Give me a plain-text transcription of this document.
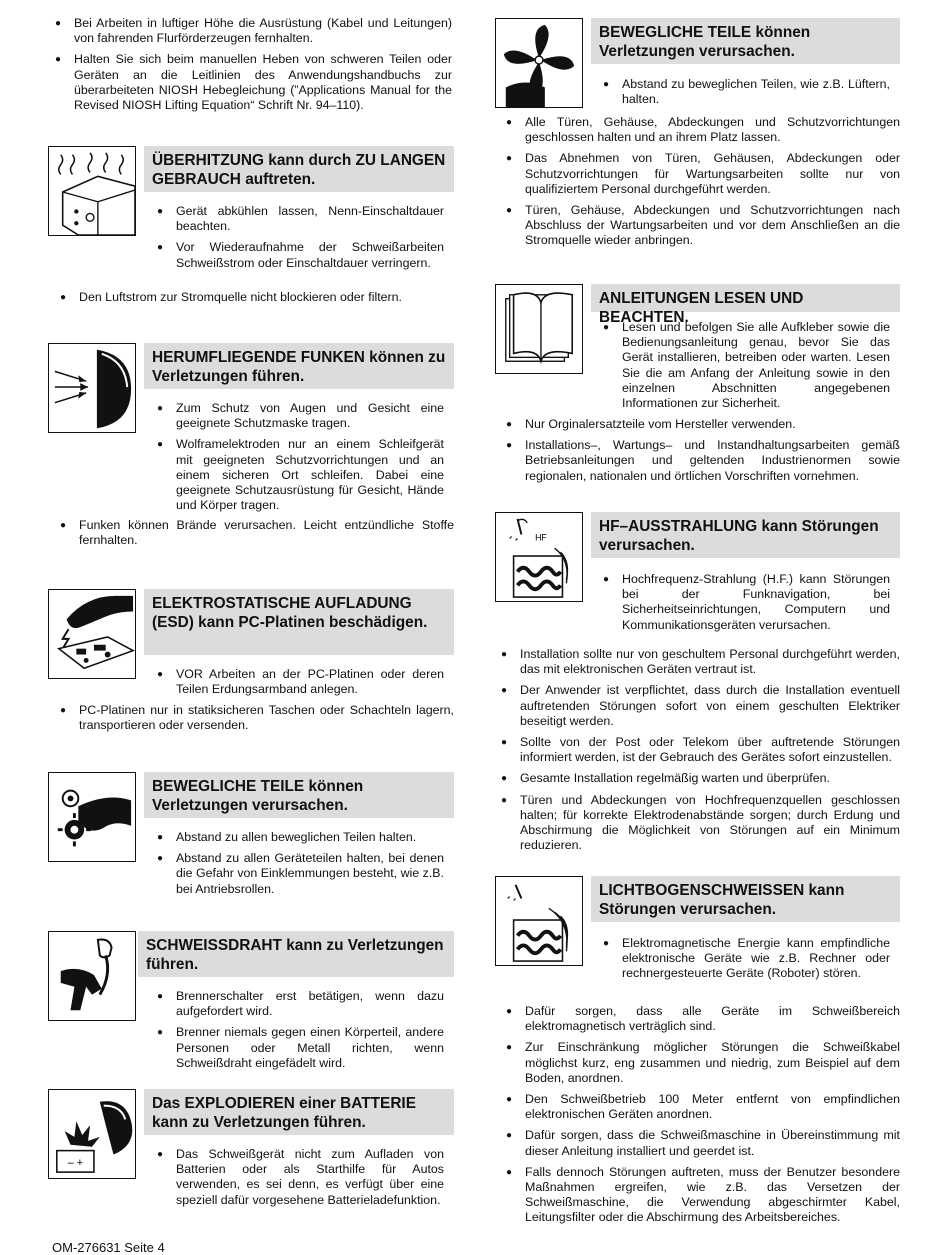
● Bei Arbeiten in luftiger Höhe die Ausrüstung (Kabel und Leitungen) von fahrenden Flurförderzeugen fernhalten.
● Halten Sie sich beim manuellen Heben von schweren Teilen oder Geräten an die Leitlinien des Anwendungshandbuchs zur überarbeiteten NIOSH Hebegleichung (”Applications Manual for the Revised NIOSH Lifting Equation“ Schrift Nr. 94–110).
ÜBERHITZUNG kann durch ZU LANGEN GEBRAUCH auftreten.
● Gerät abkühlen lassen, Nenn-Einschaltdauer beachten.
● Vor Wiederaufnahme der Schweißarbeiten Schweißstrom oder Einschaltdauer verringern.
● Den Luftstrom zur Stromquelle nicht blockieren oder filtern.
HERUMFLIEGENDE FUNKEN können zu Verletzungen führen.
● Zum Schutz von Augen und Gesicht eine geeignete Schutzmaske tragen.
● Wolframelektroden nur an einem Schleifgerät mit geeigneten Schutzvorrichtungen und an einem sicheren Ort schleifen. Dabei eine geeignete Schutzausrüstung für Gesicht, Hände und Körper tragen.
● Funken können Brände verursachen. Leicht entzündliche Stoffe fernhalten.
ELEKTROSTATISCHE AUFLADUNG (ESD) kann PC-Platinen beschädigen.
● VOR Arbeiten an der PC-Platinen oder deren Teilen Erdungsarmband anlegen.
● PC-Platinen nur in statiksicheren Taschen oder Schachteln lagern, transportieren oder versenden.
BEWEGLICHE TEILE können Verletzungen verursachen.
● Abstand zu allen beweglichen Teilen halten.
● Abstand zu allen Geräteteilen halten, bei denen die Gefahr von Einklemmungen besteht, wie z.B. bei Antriebsrollen.
SCHWEISSDRAHT kann zu Verletzungen führen.
● Brennerschalter erst betätigen, wenn dazu aufgefordert wird.
● Brenner niemals gegen einen Körperteil, andere Personen oder Metall richten, wenn Schweißdraht eingefädelt wird.
– +
Das EXPLODIEREN einer BATTERIE kann zu Verletzungen führen.
● Das Schweißgerät nicht zum Aufladen von Batterien oder als Starthilfe für Autos verwenden, es sei denn, es verfügt über eine speziell dafür vorgesehene Batterieladefunktion.
BEWEGLICHE TEILE können Verletzungen verursachen.
● Abstand zu beweglichen Teilen, wie z.B. Lüftern, halten.
● Alle Türen, Gehäuse, Abdeckungen und Schutzvorrichtungen geschlossen halten und an ihrem Platz lassen.
● Das Abnehmen von Türen, Gehäusen, Abdeckungen oder Schutzvorrichtungen für Wartungsarbeiten sollte nur von qualifiziertem Personal durchgeführt werden.
● Türen, Gehäuse, Abdeckungen und Schutzvorrichtungen nach Abschluss der Wartungsarbeiten und vor dem Anschließen an die Stromquelle wieder anbringen.
ANLEITUNGEN LESEN UND BEACHTEN.
● Lesen und befolgen Sie alle Aufkleber sowie die Bedienungsanleitung genau, bevor Sie das Gerät installieren, betreiben oder warten. Lesen Sie die am Anfang der Anleitung sowie in den einzelnen Abschnitten angegebenen Informationen zur Sicherheit.
● Nur Orginalersatzteile vom Hersteller verwenden.
● Installations–, Wartungs– und Instandhaltungsarbeiten gemäß Betriebsanleitungen und geltenden Industrienormen sowie regionalen, nationalen und örtlichen Vorschriften vornehmen.
HF
HF–AUSSTRAHLUNG kann Störungen verursachen.
● Hochfrequenz-Strahlung (H.F.) kann Störungen bei der Funknavigation, bei Sicherheitseinrichtungen, Computern und Kommunikationsgeräten verursachen.
● Installation sollte nur von geschultem Personal durchgeführt werden, das mit elektronischen Geräten vertraut ist.
● Der Anwender ist verpflichtet, dass durch die Installation eventuell auftretenden Störungen sofort von einem geschulten Elektriker beseitigt werden.
● Sollte von der Post oder Telekom über auftretende Störungen informiert werden, ist der Gebrauch des Gerätes sofort einzustellen.
● Gesamte Installation regelmäßig warten und überprüfen.
● Türen und Abdeckungen von Hochfrequenzquellen geschlossen halten; für korrekte Elektrodenabstände sorgen; durch Erdung und Abschirmung die Möglichkeit von Störungen auf ein Minimum reduzieren.
LICHTBOGENSCHWEISSEN kann Störungen verursachen.
● Elektromagnetische Energie kann empfindliche elektronische Geräte wie z.B. Rechner oder rechnergesteuerte Geräte (Roboter) stören.
● Dafür sorgen, dass alle Geräte im Schweißbereich elektromagnetisch verträglich sind.
● Zur Einschränkung möglicher Störungen die Schweißkabel möglichst kurz, eng zusammen und niedrig, zum Beispiel auf dem Boden, anordnen.
● Den Schweißbetrieb 100 Meter entfernt von empfindlichen elektronischen Geräten anordnen.
● Dafür sorgen, dass die Schweißmaschine in Übereinstimmung mit dieser Anleitung installiert und geerdet ist.
● Falls dennoch Störungen auftreten, muss der Benutzer besondere Maßnahmen ergreifen, wie z.B. das Versetzen der Schweißmaschine, die Verwendung abgeschirmter Kabel, Leitungsfilter oder die Abschirmung des Arbeitsbereiches.
OM-276631 Seite 4
